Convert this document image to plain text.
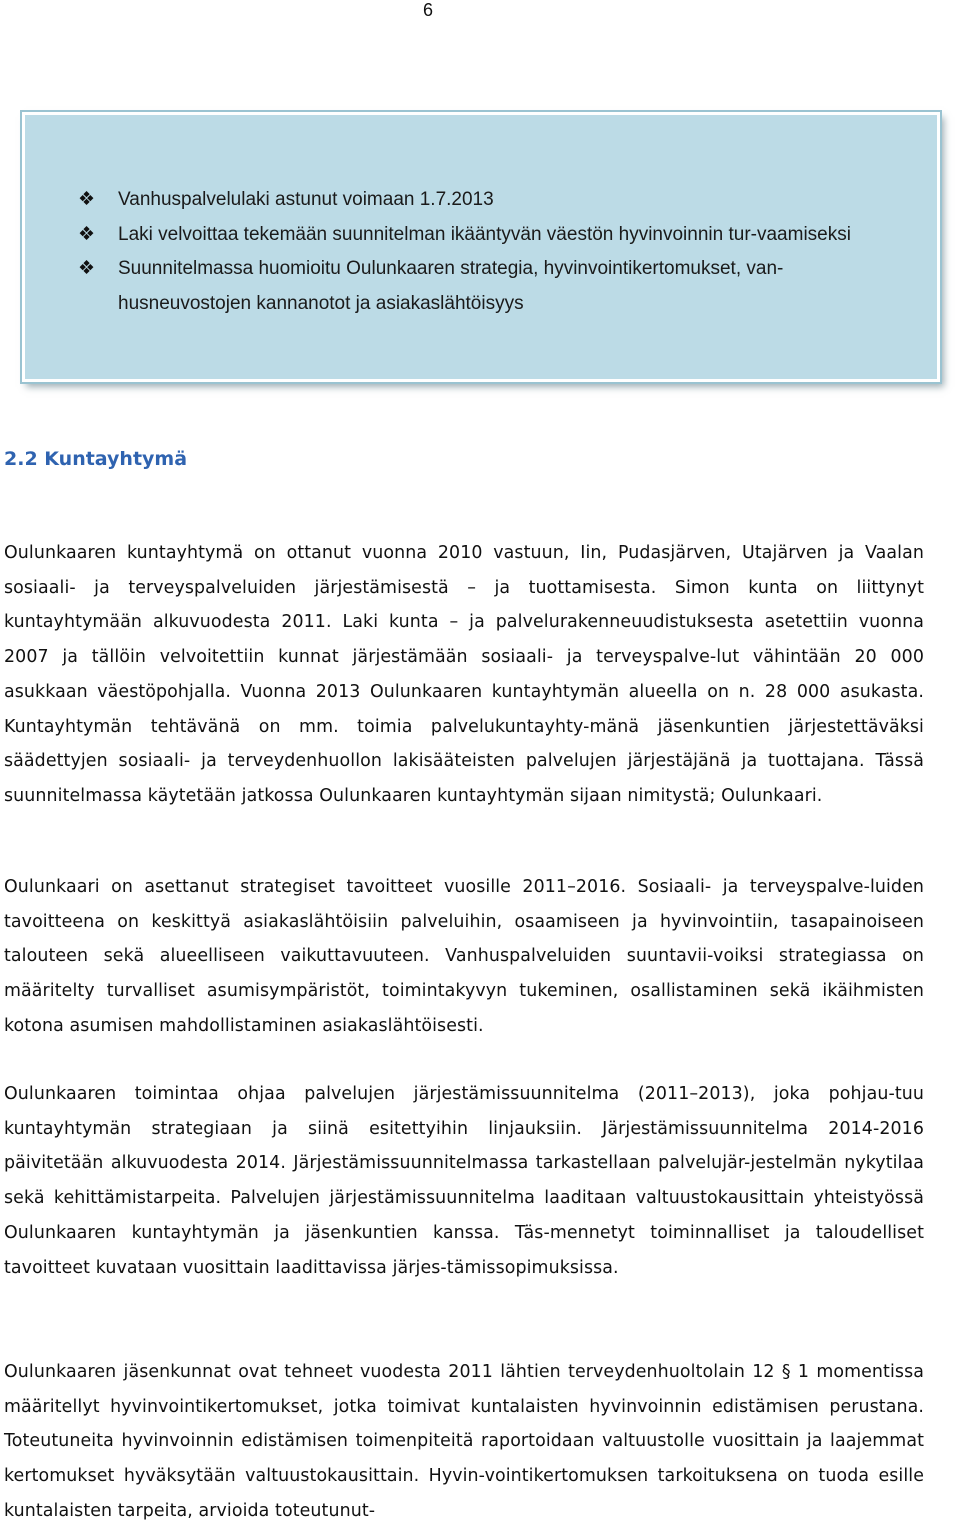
6
❖ Vanhuspalvelulaki astunut voimaan 1.7.2013
❖ Laki velvoittaa tekemään suunnitelman ikääntyvän väestön hyvinvoinnin tur-vaamiseksi
❖ Suunnitelmassa huomioitu Oulunkaaren strategia, hyvinvointikertomukset, van-husneuvostojen kannanotot ja asiakaslähtöisyys
2.2 Kuntayhtymä

Oulunkaaren kuntayhtymä on ottanut vuonna 2010 vastuun, Iin, Pudasjärven, Utajärven ja Vaalan sosiaali- ja terveyspalveluiden järjestämisestä – ja tuottamisesta. Simon kunta on liittynyt kuntayhtymään alkuvuodesta 2011. Laki kunta – ja palvelurakenneuudistuksesta asetettiin vuonna 2007 ja tällöin velvoitettiin kunnat järjestämään sosiaali- ja terveyspalve-lut vähintään 20 000 asukkaan väestöpohjalla. Vuonna 2013 Oulunkaaren kuntayhtymän alueella on n. 28 000 asukasta. Kuntayhtymän tehtävänä on mm. toimia palvelukuntayhty-mänä jäsenkuntien järjestettäväksi säädettyjen sosiaali- ja terveydenhuollon lakisääteisten palvelujen järjestäjänä ja tuottajana. Tässä suunnitelmassa käytetään jatkossa Oulunkaaren kuntayhtymän sijaan nimitystä; Oulunkaari.

Oulunkaari on asettanut strategiset tavoitteet vuosille 2011–2016. Sosiaali- ja terveyspalve-luiden tavoitteena on keskittyä asiakaslähtöisiin palveluihin, osaamiseen ja hyvinvointiin, tasapainoiseen talouteen sekä alueelliseen vaikuttavuuteen. Vanhuspalveluiden suuntavii-voiksi strategiassa on määritelty turvalliset asumisympäristöt, toimintakyvyn tukeminen, osallistaminen sekä ikäihmisten kotona asumisen mahdollistaminen asiakaslähtöisesti.

Oulunkaaren toimintaa ohjaa palvelujen järjestämissuunnitelma (2011–2013), joka pohjau-tuu kuntayhtymän strategiaan ja siinä esitettyihin linjauksiin. Järjestämissuunnitelma 2014-2016 päivitetään alkuvuodesta 2014. Järjestämissuunnitelmassa tarkastellaan palvelujär-jestelmän nykytilaa sekä kehittämistarpeita. Palvelujen järjestämissuunnitelma laaditaan valtuustokausittain yhteistyössä Oulunkaaren kuntayhtymän ja jäsenkuntien kanssa. Täs-mennetyt toiminnalliset ja taloudelliset tavoitteet kuvataan vuosittain laadittavissa järjes-tämissopimuksissa.

Oulunkaaren jäsenkunnat ovat tehneet vuodesta 2011 lähtien terveydenhuoltolain 12 § 1 momentissa määritellyt hyvinvointikertomukset, jotka toimivat kuntalaisten hyvinvoinnin edistämisen perustana. Toteutuneita hyvinvoinnin edistämisen toimenpiteitä raportoidaan valtuustolle vuosittain ja laajemmat kertomukset hyväksytään valtuustokausittain. Hyvin-vointikertomuksen tarkoituksena on tuoda esille kuntalaisten tarpeita, arvioida toteutunut-
